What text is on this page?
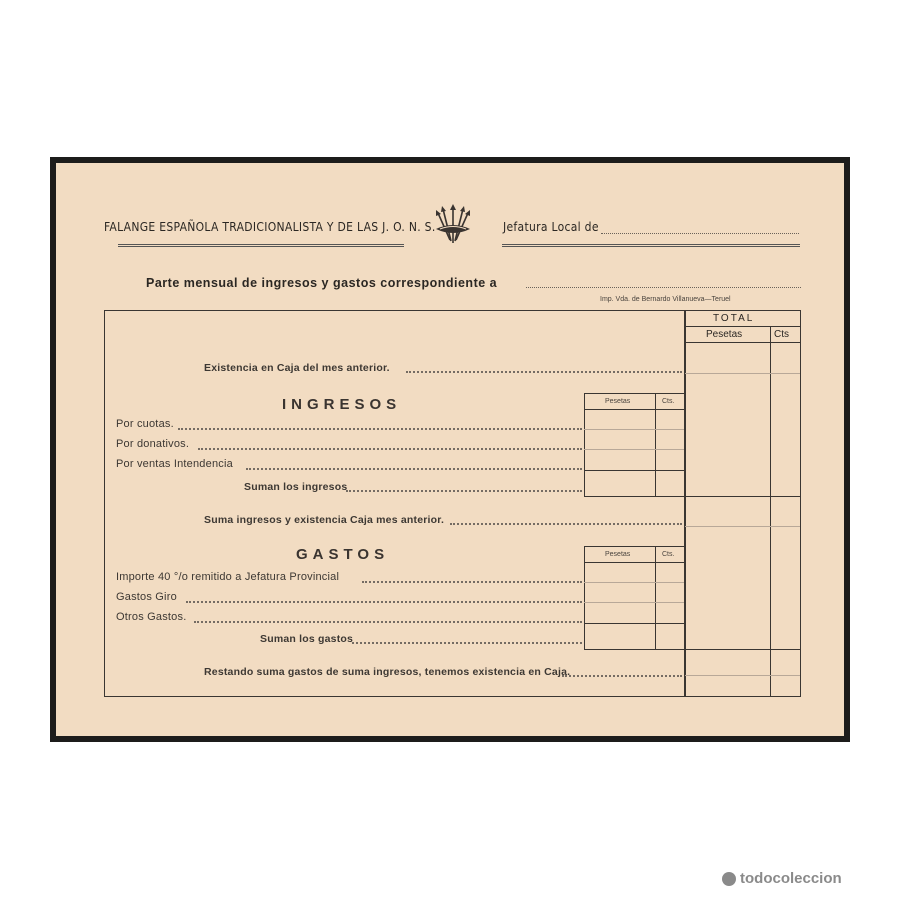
FALANGE ESPAÑOLA TRADICIONALISTA Y DE LAS J. O. N. S.	Jefatura Local de
Parte mensual de ingresos y gastos correspondiente a
Imp. Vda. de Bernardo Villanueva—Teruel
TOTAL
Pesetas	Cts
Existencia en Caja del mes anterior.
INGRESOS	Pesetas	Cts.
Por cuotas.
Por donativos.
Por ventas Intendencia
Suman los ingresos
Suma ingresos y existencia Caja mes anterior.
GASTOS	Pesetas	Cts.
Importe 40 °/o remitido a Jefatura Provincial
Gastos Giro
Otros Gastos.
Suman los gastos
Restando suma gastos de suma ingresos, tenemos existencia en Caja.
todocoleccion
